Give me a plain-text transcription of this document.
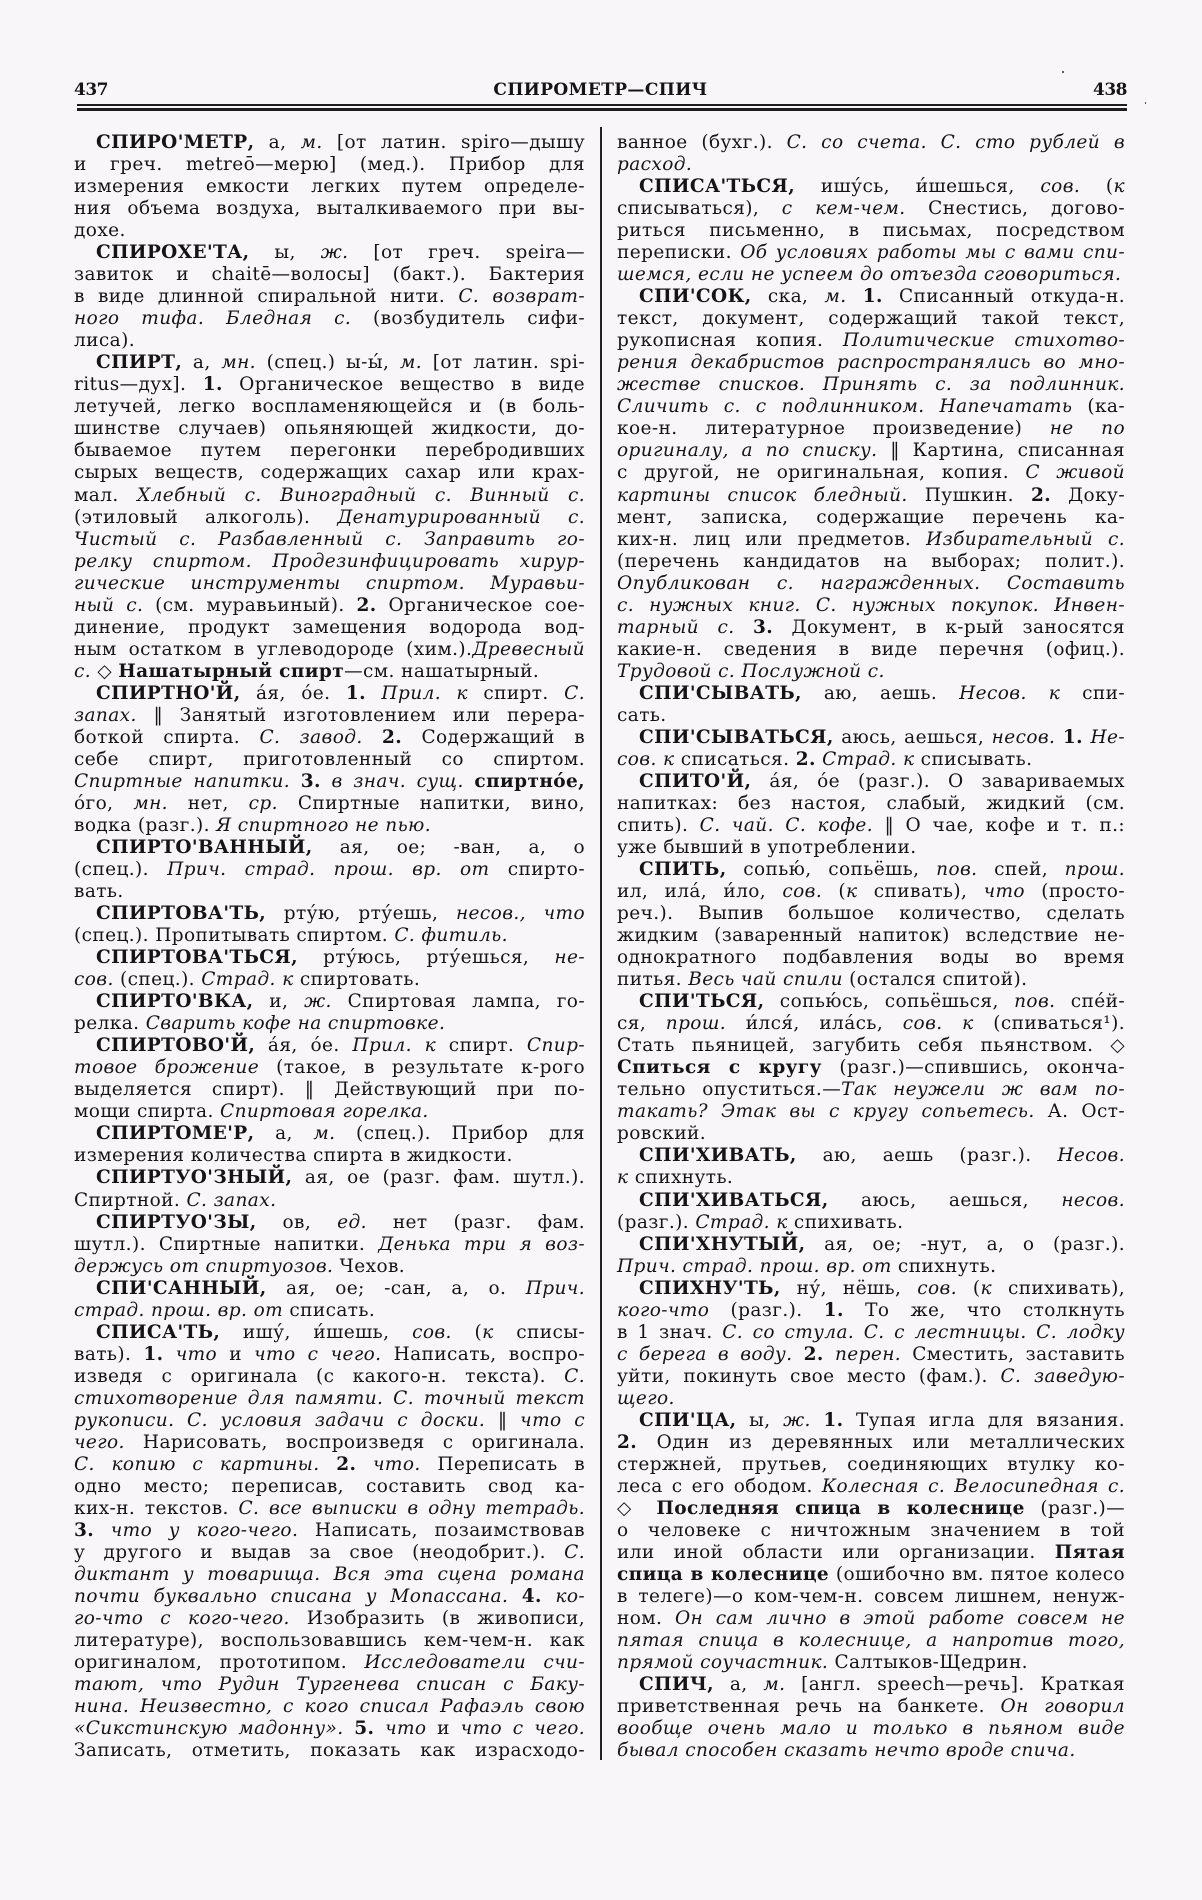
437	СПИРОМЕТР—СПИЧ	438
СПИРО'МЕТР, а, м. [от латин. spiro—дышу
и греч. metreō—мерю] (мед.). Прибор для
измерения емкости легких путем определе-
ния объема воздуха, выталкиваемого при вы-
дохе.
СПИРОХЕ'ТА, ы, ж. [от греч. speira—
завиток и chaitē—волосы] (бакт.). Бактерия
в виде длинной спиральной нити. С. возврат-
ного тифа. Бледная с. (возбудитель сифи-
лиса).
СПИРТ, а, мн. (спец.) ы-ы́, м. [от латин. spi-
ritus—дух]. 1. Органическое вещество в виде
летучей, легко воспламеняющейся и (в боль-
шинстве случаев) опьяняющей жидкости, до-
бываемое путем перегонки перебродивших
сырых веществ, содержащих сахар или крах-
мал. Хлебный с. Виноградный с. Винный с.
(этиловый алкоголь). Денатурированный с.
Чистый с. Разбавленный с. Заправить го-
релку спиртом. Продезинфицировать хирур-
гические инструменты спиртом. Муравьи-
ный с. (см. муравьиный). 2. Органическое сое-
динение, продукт замещения водорода вод-
ным остатком в углеводороде (хим.).Древесный
с. ◇ Нашатырный спирт—см. нашатырный.
СПИРТНО'Й, а́я, о́е. 1. Прил. к спирт. С.
запах. ‖ Занятый изготовлением или перера-
боткой спирта. С. завод. 2. Содержащий в
себе спирт, приготовленный со спиртом.
Спиртные напитки. 3. в знач. сущ. спиртно́е,
о́го, мн. нет, ср. Спиртные напитки, вино,
водка (разг.). Я спиртного не пью.
СПИРТО'ВАННЫЙ, ая, ое; -ван, а, о
(спец.). Прич. страд. прош. вр. от спирто-
вать.
СПИРТОВА'ТЬ, рту́ю, рту́ешь, несов., что
(спец.). Пропитывать спиртом. С. фитиль.
СПИРТОВА'ТЬСЯ, рту́юсь, рту́ешься, не-
сов. (спец.). Страд. к спиртовать.
СПИРТО'ВКА, и, ж. Спиртовая лампа, го-
релка. Сварить кофе на спиртовке.
СПИРТОВО'Й, а́я, о́е. Прил. к спирт. Спир-
товое брожение (такое, в результате к-рого
выделяется спирт). ‖ Действующий при по-
мощи спирта. Спиртовая горелка.
СПИРТОМЕ'Р, а, м. (спец.). Прибор для
измерения количества спирта в жидкости.
СПИРТУО'ЗНЫЙ, ая, ое (разг. фам. шутл.).
Спиртной. С. запах.
СПИРТУО'ЗЫ, ов, ед. нет (разг. фам.
шутл.). Спиртные напитки. Денька три я воз-
держусь от спиртуозов. Чехов.
СПИ'САННЫЙ, ая, ое; -сан, а, о. Прич.
страд. прош. вр. от списать.
СПИСА'ТЬ, ишу́, и́шешь, сов. (к списы-
вать). 1. что и что с чего. Написать, воспро-
изведя с оригинала (с какого-н. текста). С.
стихотворение для памяти. С. точный текст
рукописи. С. условия задачи с доски. ‖ что с
чего. Нарисовать, воспроизведя с оригинала.
С. копию с картины. 2. что. Переписать в
одно место; переписав, составить свод ка-
ких-н. текстов. С. все выписки в одну тетрадь.
3. что у кого-чего. Написать, позаимствовав
у другого и выдав за свое (неодобрит.). С.
диктант у товарища. Вся эта сцена романа
почти буквально списана у Мопассана. 4. ко-
го-что с кого-чего. Изобразить (в живописи,
литературе), воспользовавшись кем-чем-н. как
оригиналом, прототипом. Исследователи счи-
тают, что Рудин Тургенева списан с Баку-
нина. Неизвестно, с кого списал Рафаэль свою
«Сикстинскую мадонну». 5. что и что с чего.
Записать, отметить, показать как израсходо-
ванное (бухг.). С. со счета. С. сто рублей в
расход.
СПИСА'ТЬСЯ, ишу́сь, и́шешься, сов. (к
списываться), с кем-чем. Снестись, догово-
риться письменно, в письмах, посредством
переписки. Об условиях работы мы с вами спи-
шемся, если не успеем до отъезда сговориться.
СПИ'СОК, ска, м. 1. Списанный откуда-н.
текст, документ, содержащий такой текст,
рукописная копия. Политические стихотво-
рения декабристов распространялись во мно-
жестве списков. Принять с. за подлинник.
Сличить с. с подлинником. Напечатать (ка-
кое-н. литературное произведение) не по
оригиналу, а по списку. ‖ Картина, списанная
с другой, не оригинальная, копия. С живой
картины список бледный. Пушкин. 2. Доку-
мент, записка, содержащие перечень ка-
ких-н. лиц или предметов. Избирательный с.
(перечень кандидатов на выборах; полит.).
Опубликован с. награжденных. Составить
с. нужных книг. С. нужных покупок. Инвен-
тарный с. 3. Документ, в к-рый заносятся
какие-н. сведения в виде перечня (офиц.).
Трудовой с. Послужной с.
СПИ'СЫВАТЬ, аю, аешь. Несов. к спи-
сать.
СПИ'СЫВАТЬСЯ, аюсь, аешься, несов. 1. Не-
сов. к списаться. 2. Страд. к списывать.
СПИТО'Й, а́я, о́е (разг.). О завариваемых
напитках: без настоя, слабый, жидкий (см.
спить). С. чай. С. кофе. ‖ О чае, кофе и т. п.:
уже бывший в употреблении.
СПИТЬ, сопью́, сопьёшь, пов. спей, прош.
ил, ила́, и́ло, сов. (к спивать), что (просто-
реч.). Выпив большое количество, сделать
жидким (заваренный напиток) вследствие не-
однократного подбавления воды во время
питья. Весь чай спили (остался спитой).
СПИ'ТЬСЯ, сопью́сь, сопьёшься, пов. спе́й-
ся, прош. и́лся́, ила́сь, сов. к (спиваться¹).
Стать пьяницей, загубить себя пьянством. ◇
Спиться с кругу (разг.)—спившись, оконча-
тельно опуститься.—Так неужели ж вам по-
такать? Этак вы с кругу сопьетесь. А. Ост-
ровский.
СПИ'ХИВАТЬ, аю, аешь (разг.). Несов.
к спихнуть.
СПИ'ХИВАТЬСЯ, аюсь, аешься, несов.
(разг.). Страд. к спихивать.
СПИ'ХНУТЫЙ, ая, ое; -нут, а, о (разг.).
Прич. страд. прош. вр. от спихнуть.
СПИХНУ'ТЬ, ну́, нёшь, сов. (к спихивать),
кого-что (разг.). 1. То же, что столкнуть
в 1 знач. С. со стула. С. с лестницы. С. лодку
с берега в воду. 2. перен. Сместить, заставить
уйти, покинуть свое место (фам.). С. заведую-
щего.
СПИ'ЦА, ы, ж. 1. Тупая игла для вязания.
2. Один из деревянных или металлических
стержней, прутьев, соединяющих втулку ко-
леса с его ободом. Колесная с. Велосипедная с.
◇ Последняя спица в колеснице (разг.)—
о человеке с ничтожным значением в той
или иной области или организации. Пятая
спица в колеснице (ошибочно вм. пятое колесо
в телеге)—о ком-чем-н. совсем лишнем, ненуж-
ном. Он сам лично в этой работе совсем не
пятая спица в колеснице, а напротив того,
прямой соучастник. Салтыков-Щедрин.
СПИЧ, а, м. [англ. speech—речь]. Краткая
приветственная речь на банкете. Он говорил
вообще очень мало и только в пьяном виде
бывал способен сказать нечто вроде спича.
